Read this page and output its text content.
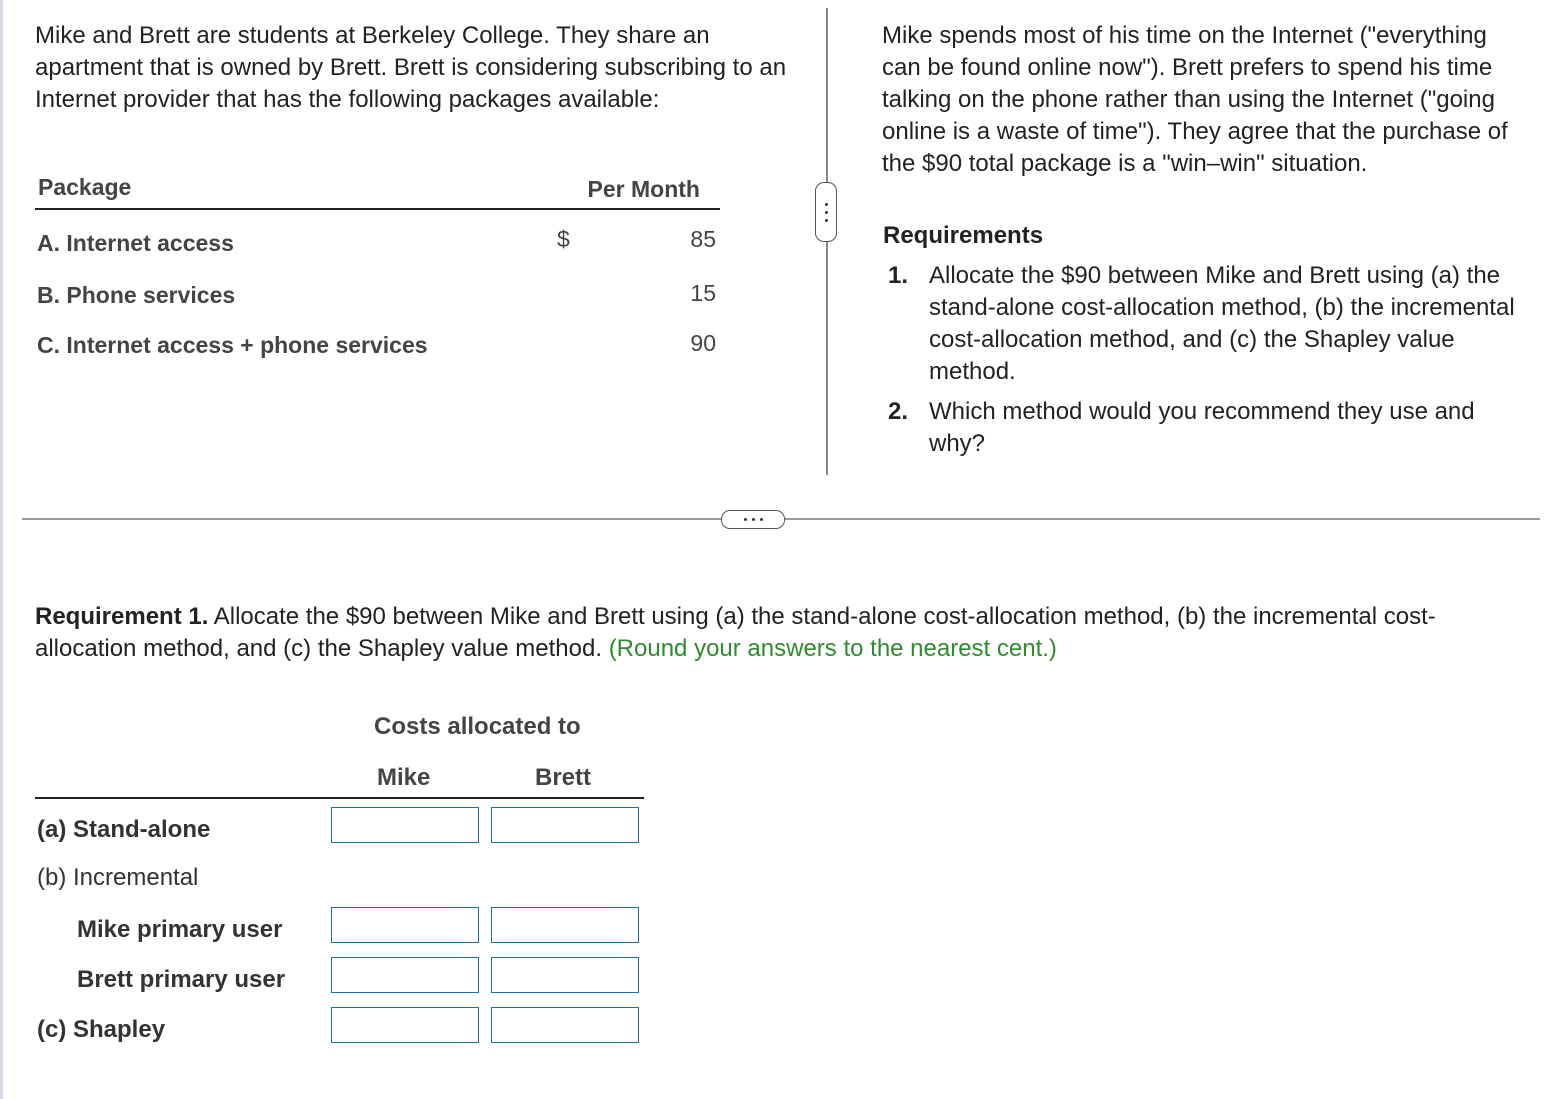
Mike and Brett are students at Berkeley College. They share an apartment that is owned by Brett. Brett is considering subscribing to an Internet provider that has the following packages available:
Package	Per Month
A. Internet access	$	85
B. Phone services	15
C. Internet access + phone services	90
Mike spends most of his time on the Internet ("everything can be found online now"). Brett prefers to spend his time talking on the phone rather than using the Internet ("going online is a waste of time"). They agree that the purchase of the $90 total package is a "win–win" situation.
Requirements
1. Allocate the $90 between Mike and Brett using (a) the stand-alone cost-allocation method, (b) the incremental cost-allocation method, and (c) the Shapley value method.
2. Which method would you recommend they use and why?
Requirement 1. Allocate the $90 between Mike and Brett using (a) the stand-alone cost-allocation method, (b) the incremental cost-allocation method, and (c) the Shapley value method. (Round your answers to the nearest cent.)
Costs allocated to
Mike	Brett
(a) Stand-alone
(b) Incremental
Mike primary user
Brett primary user
(c) Shapley
